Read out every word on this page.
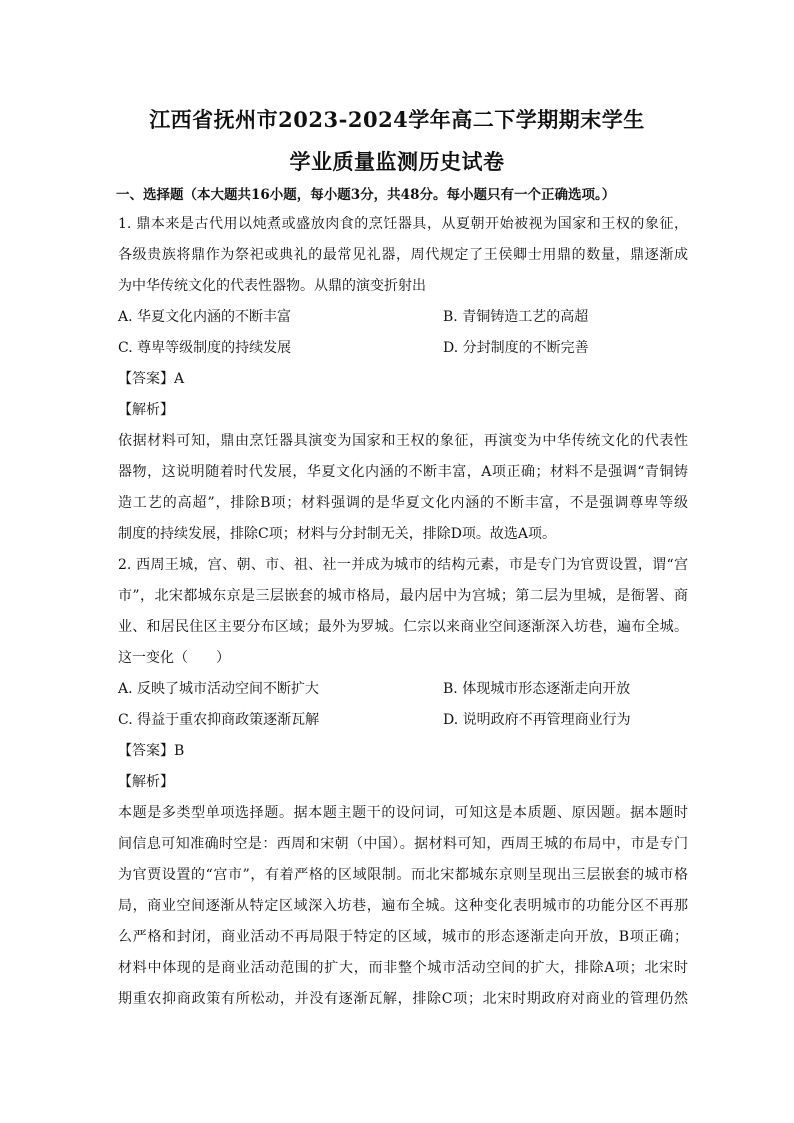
江西省抚州市2023-2024学年高二下学期期末学生
学业质量监测历史试卷
一、选择题（本大题共16小题，每小题3分，共48分。每小题只有一个正确选项。）
1. 鼎本来是古代用以炖煮或盛放肉食的烹饪器具，从夏朝开始被视为国家和王权的象征，
各级贵族将鼎作为祭祀或典礼的最常见礼器，周代规定了王侯卿士用鼎的数量，鼎逐渐成
为中华传统文化的代表性器物。从鼎的演变折射出
A. 华夏文化内涵的不断丰富	B. 青铜铸造工艺的高超
C. 尊卑等级制度的持续发展	D. 分封制度的不断完善
【答案】A
【解析】
依据材料可知，鼎由烹饪器具演变为国家和王权的象征，再演变为中华传统文化的代表性
器物，这说明随着时代发展，华夏文化内涵的不断丰富，A项正确；材料不是强调“青铜铸
造工艺的高超”，排除B项；材料强调的是华夏文化内涵的不断丰富，不是强调尊卑等级
制度的持续发展，排除C项；材料与分封制无关，排除D项。故选A项。
2. 西周王城，宫、朝、市、祖、社一并成为城市的结构元素，市是专门为官贾设置，谓“宫
市”，北宋都城东京是三层嵌套的城市格局，最内居中为宫城；第二层为里城，是衙署、商
业、和居民住区主要分布区域；最外为罗城。仁宗以来商业空间逐渐深入坊巷，遍布全城。
这一变化（　　）
A. 反映了城市活动空间不断扩大	B. 体现城市形态逐渐走向开放
C. 得益于重农抑商政策逐渐瓦解	D. 说明政府不再管理商业行为
【答案】B
【解析】
本题是多类型单项选择题。据本题主题干的设问词，可知这是本质题、原因题。据本题时
间信息可知准确时空是：西周和宋朝（中国）。据材料可知，西周王城的布局中，市是专门
为官贾设置的“宫市”，有着严格的区域限制。而北宋都城东京则呈现出三层嵌套的城市格
局，商业空间逐渐从特定区域深入坊巷，遍布全城。这种变化表明城市的功能分区不再那
么严格和封闭，商业活动不再局限于特定的区域，城市的形态逐渐走向开放，B项正确；
材料中体现的是商业活动范围的扩大，而非整个城市活动空间的扩大，排除A项；北宋时
期重农抑商政策有所松动，并没有逐渐瓦解，排除C项；北宋时期政府对商业的管理仍然
